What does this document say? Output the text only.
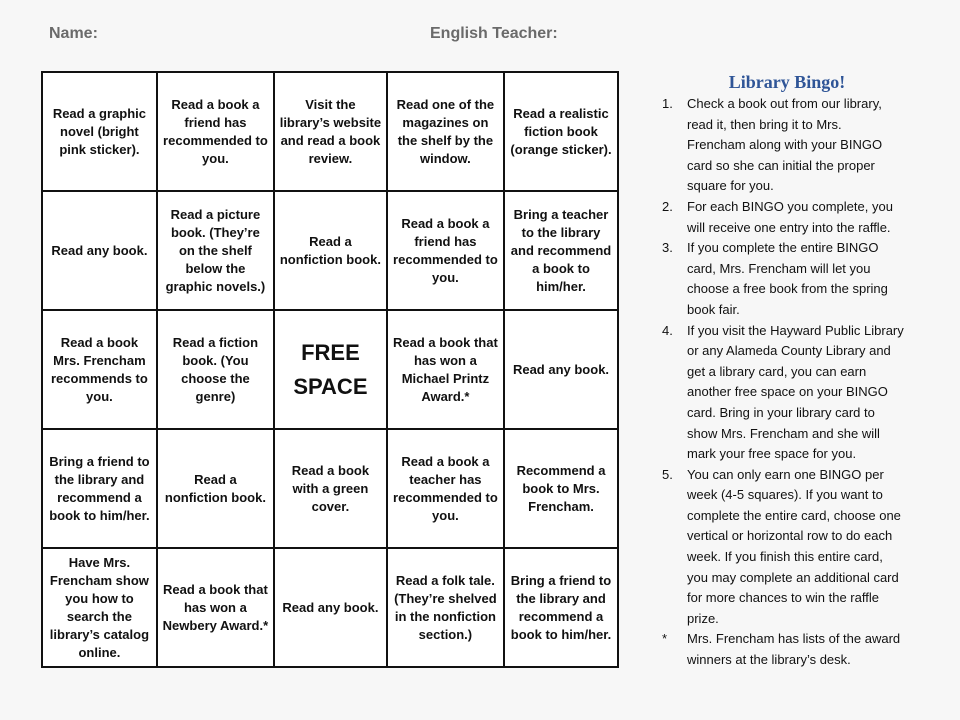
Name:	English Teacher:
Read a graphic novel (bright pink sticker).	Read a book a friend has recommended to you.	Visit the library’s website and read a book review.	Read one of the magazines on the shelf by the window.	Read a realistic fiction book (orange sticker).
Read any book.	Read a picture book. (They’re on the shelf below the graphic novels.)	Read a nonfiction book.	Read a book a friend has recommended to you.	Bring a teacher to the library and recommend a book to him/her.
Read a book Mrs. Frencham recommends to you.	Read a fiction book. (You choose the genre)	FREE SPACE	Read a book that has won a Michael Printz Award.*	Read any book.
Bring a friend to the library and recommend a book to him/her.	Read a nonfiction book.	Read a book with a green cover.	Read a book a teacher has recommended to you.	Recommend a book to Mrs. Frencham.
Have Mrs. Frencham show you how to search the library’s catalog online.	Read a book that has won a Newbery Award.*	Read any book.	Read a folk tale. (They’re shelved in the nonfiction section.)	Bring a friend to the library and recommend a book to him/her.
Library Bingo!
1. Check a book out from our library,
read it, then bring it to Mrs.
Frencham along with your BINGO
card so she can initial the proper
square for you.
2. For each BINGO you complete, you
will receive one entry into the raffle.
3. If you complete the entire BINGO
card, Mrs. Frencham will let you
choose a free book from the spring
book fair.
4. If you visit the Hayward Public Library
or any Alameda County Library and
get a library card, you can earn
another free space on your BINGO
card. Bring in your library card to
show Mrs. Frencham and she will
mark your free space for you.
5. You can only earn one BINGO per
week (4-5 squares). If you want to
complete the entire card, choose one
vertical or horizontal row to do each
week. If you finish this entire card,
you may complete an additional card
for more chances to win the raffle
prize.
* Mrs. Frencham has lists of the award
winners at the library’s desk.
